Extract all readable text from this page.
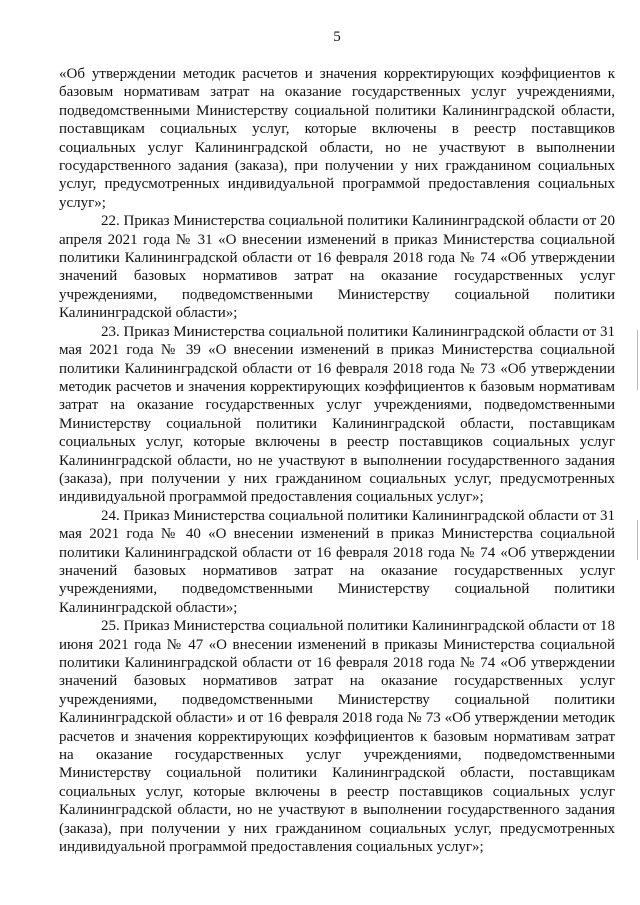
5

«Об утверждении методик расчетов и значения корректирующих коэффициентов к базовым нормативам затрат на оказание государственных услуг учреждениями, подведомственными Министерству социальной политики Калининградской области, поставщикам социальных услуг, которые включены в реестр поставщиков социальных услуг Калининградской области, но не участвуют в выполнении государственного задания (заказа), при получении у них гражданином социальных услуг, предусмотренных индивидуальной программой предоставления социальных услуг»;

22. Приказ Министерства социальной политики Калининградской области от 20 апреля 2021 года № 31 «О внесении изменений в приказ Министерства социальной политики Калининградской области от 16 февраля 2018 года № 74 «Об утверждении значений базовых нормативов затрат на оказание государственных услуг учреждениями, подведомственными Министерству социальной политики Калининградской области»;

23. Приказ Министерства социальной политики Калининградской области от 31 мая 2021 года № 39 «О внесении изменений в приказ Министерства социальной политики Калининградской области от 16 февраля 2018 года № 73 «Об утверждении методик расчетов и значения корректирующих коэффициентов к базовым нормативам затрат на оказание государственных услуг учреждениями, подведомственными Министерству социальной политики Калининградской области, поставщикам социальных услуг, которые включены в реестр поставщиков социальных услуг Калининградской области, но не участвуют в выполнении государственного задания (заказа), при получении у них гражданином социальных услуг, предусмотренных индивидуальной программой предоставления социальных услуг»;

24. Приказ Министерства социальной политики Калининградской области от 31 мая 2021 года № 40 «О внесении изменений в приказ Министерства социальной политики Калининградской области от 16 февраля 2018 года № 74 «Об утверждении значений базовых нормативов затрат на оказание государственных услуг учреждениями, подведомственными Министерству социальной политики Калининградской области»;

25. Приказ Министерства социальной политики Калининградской области от 18 июня 2021 года № 47 «О внесении изменений в приказы Министерства социальной политики Калининградской области от 16 февраля 2018 года № 74 «Об утверждении значений базовых нормативов затрат на оказание государственных услуг учреждениями, подведомственными Министерству социальной политики Калининградской области» и от 16 февраля 2018 года № 73 «Об утверждении методик расчетов и значения корректирующих коэффициентов к базовым нормативам затрат на оказание государственных услуг учреждениями, подведомственными Министерству социальной политики Калининградской области, поставщикам социальных услуг, которые включены в реестр поставщиков социальных услуг Калининградской области, но не участвуют в выполнении государственного задания (заказа), при получении у них гражданином социальных услуг, предусмотренных индивидуальной программой предоставления социальных услуг»;
